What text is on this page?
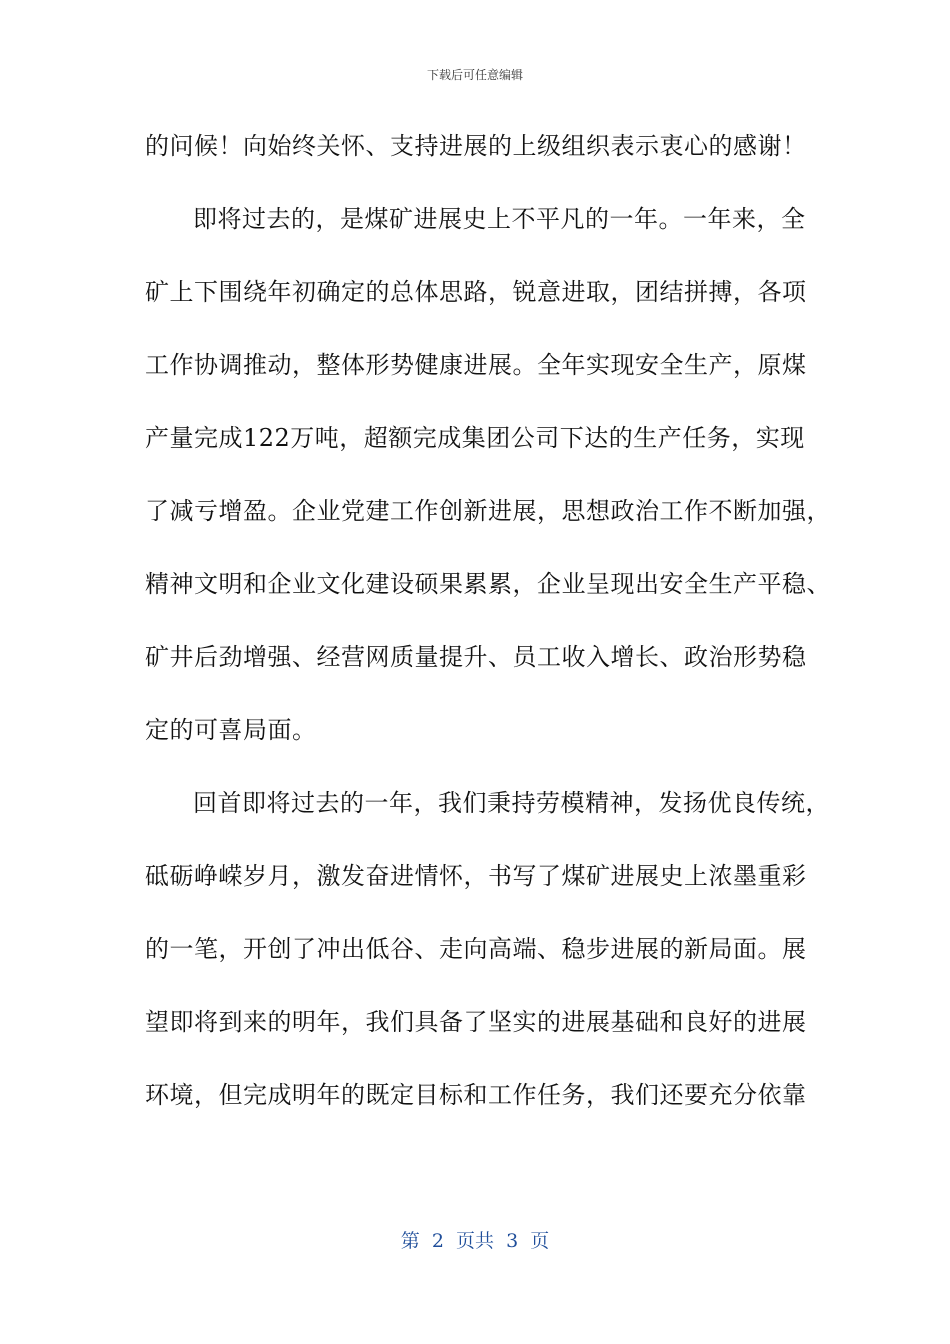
下载后可任意编辑
的问候！向始终关怀、支持进展的上级组织表示衷心的感谢！
即将过去的，是煤矿进展史上不平凡的一年。一年来，全
矿上下围绕年初确定的总体思路，锐意进取，团结拼搏，各项
工作协调推动，整体形势健康进展。全年实现安全生产，原煤
产量完成122万吨，超额完成集团公司下达的生产任务，实现
了减亏增盈。企业党建工作创新进展，思想政治工作不断加强，
精神文明和企业文化建设硕果累累，企业呈现出安全生产平稳、
矿井后劲增强、经营网质量提升、员工收入增长、政治形势稳
定的可喜局面。
回首即将过去的一年，我们秉持劳模精神，发扬优良传统，
砥砺峥嵘岁月，激发奋进情怀，书写了煤矿进展史上浓墨重彩
的一笔，开创了冲出低谷、走向高端、稳步进展的新局面。展
望即将到来的明年，我们具备了坚实的进展基础和良好的进展
环境，但完成明年的既定目标和工作任务，我们还要充分依靠
第  2  页共  3  页
